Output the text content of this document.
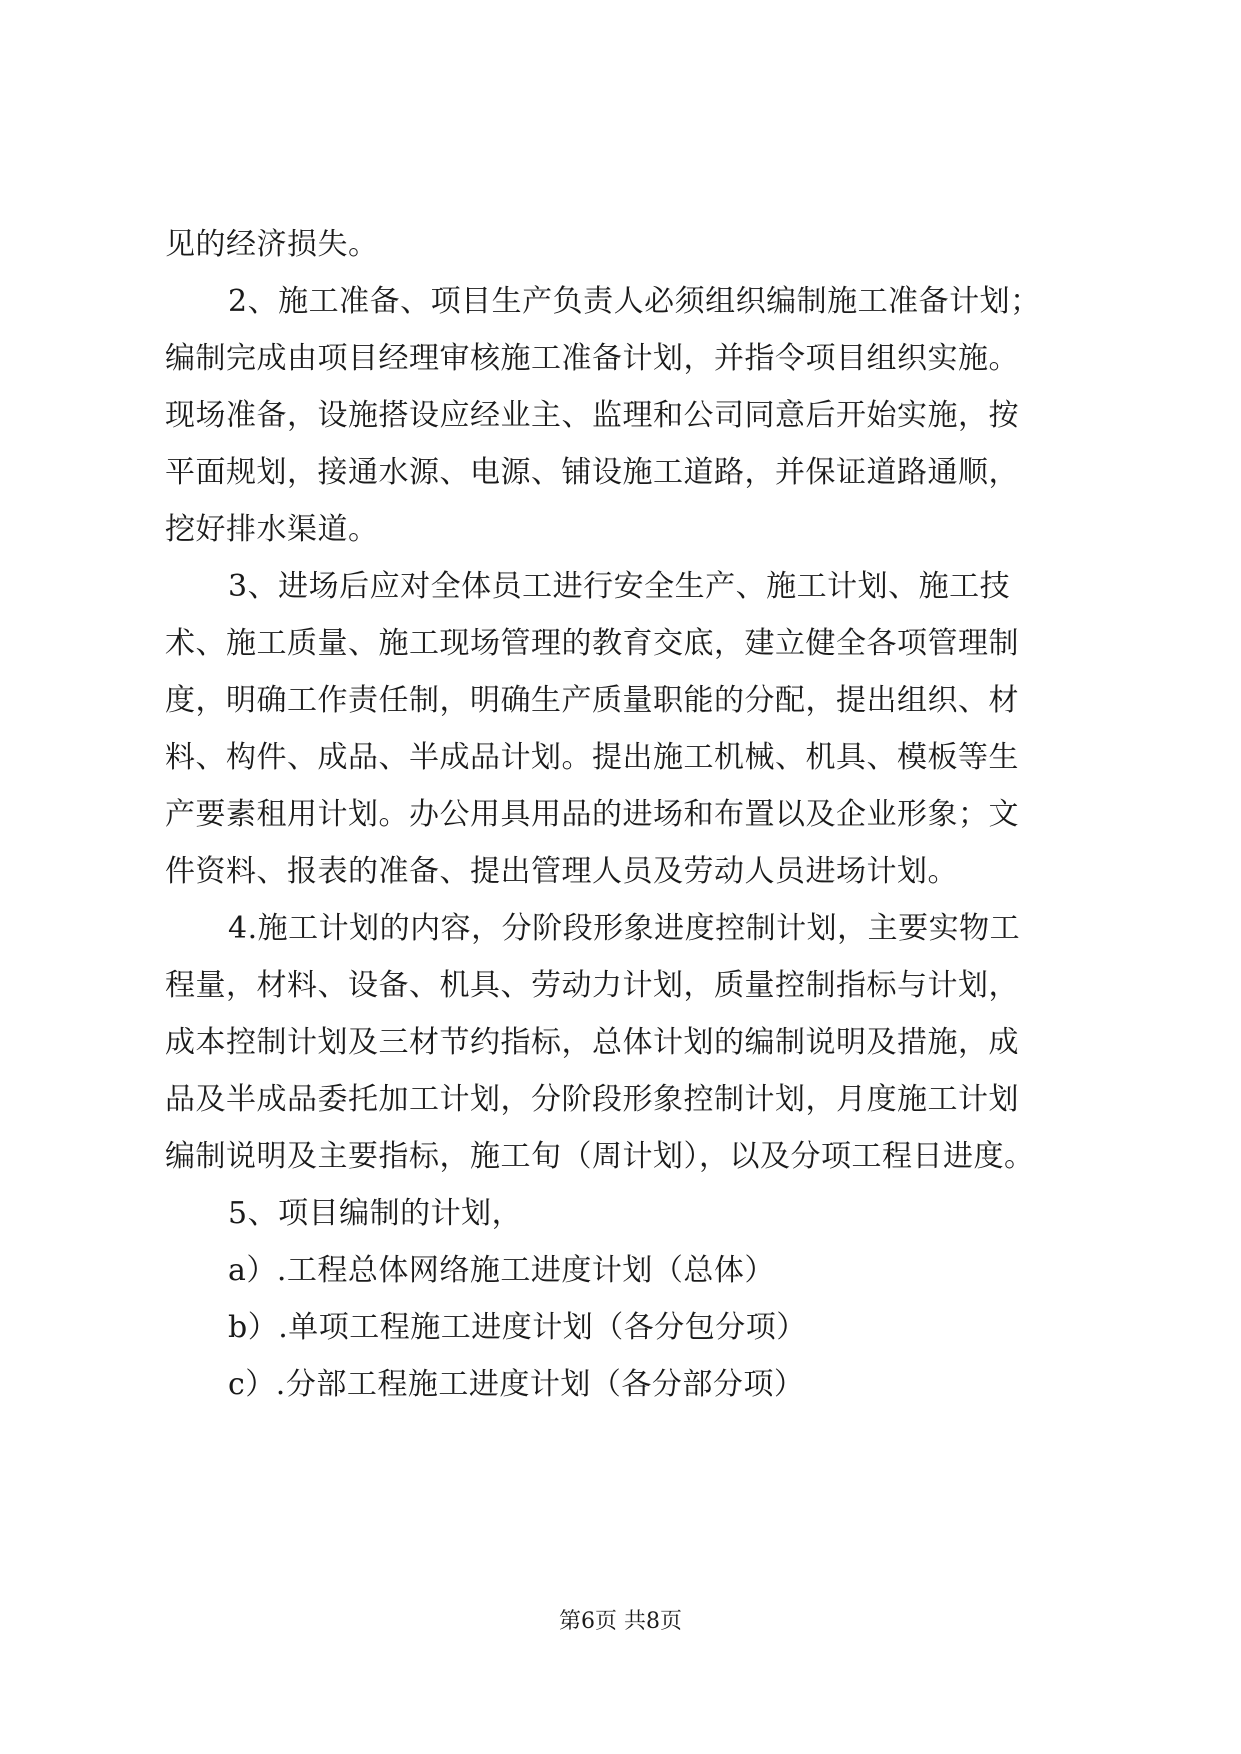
见的经济损失。
2、施工准备、项目生产负责人必须组织编制施工准备计划；
编制完成由项目经理审核施工准备计划，并指令项目组织实施。
现场准备，设施搭设应经业主、监理和公司同意后开始实施，按
平面规划，接通水源、电源、铺设施工道路，并保证道路通顺，
挖好排水渠道。
3、进场后应对全体员工进行安全生产、施工计划、施工技
术、施工质量、施工现场管理的教育交底，建立健全各项管理制
度，明确工作责任制，明确生产质量职能的分配，提出组织、材
料、构件、成品、半成品计划。提出施工机械、机具、模板等生
产要素租用计划。办公用具用品的进场和布置以及企业形象；文
件资料、报表的准备、提出管理人员及劳动人员进场计划。
4.施工计划的内容，分阶段形象进度控制计划，主要实物工
程量，材料、设备、机具、劳动力计划，质量控制指标与计划，
成本控制计划及三材节约指标，总体计划的编制说明及措施，成
品及半成品委托加工计划，分阶段形象控制计划，月度施工计划
编制说明及主要指标，施工旬（周计划），以及分项工程日进度。
5、项目编制的计划，
a）.工程总体网络施工进度计划（总体）
b）.单项工程施工进度计划（各分包分项）
c）.分部工程施工进度计划（各分部分项）
第6页 共8页
